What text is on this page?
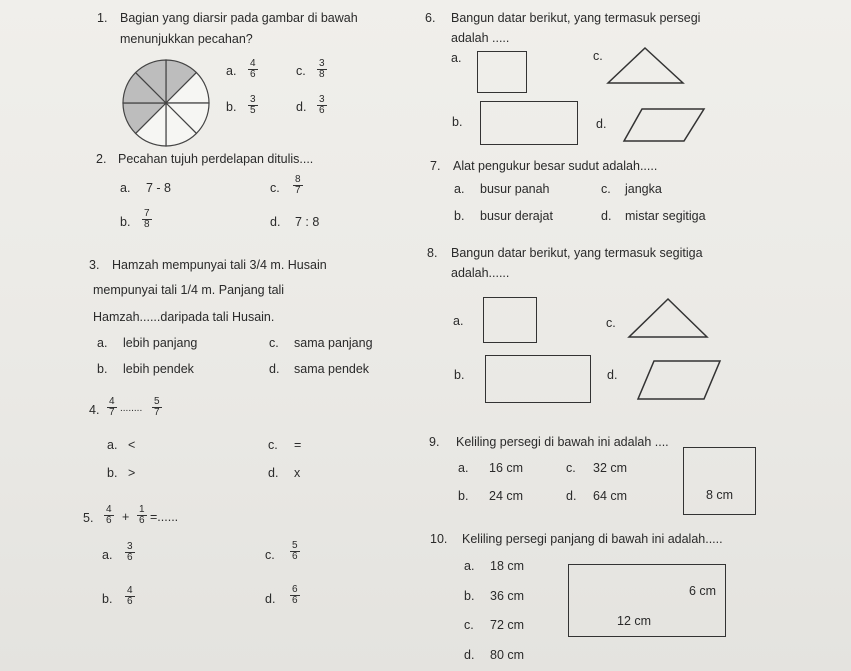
1. Bagian yang diarsir pada gambar di bawah
menunjukkan pecahan?
a. $\frac{4}{6}$
b. $\frac{3}{5}$
c. $\frac{3}{8}$
d. $\frac{3}{6}$
2. Pecahan tujuh perdelapan ditulis....
a. 7 - 8
b. $\frac{7}{8}$
c. $\frac{8}{7}$
d. 7 : 8
3. Hamzah mempunyai tali 3/4 m. Husain
mempunyai tali 1/4 m. Panjang tali
Hamzah......daripada tali Husain.
a. lebih panjang
b. lebih pendek
c. sama panjang
d. sama pendek
4. $\frac{4}{7}$ ........ $\frac{5}{7}$
a. <
b. >
c. =
d. x
5. $\frac{4}{6} + \frac{1}{6}$ =......
a. $\frac{3}{6}$
b. $\frac{4}{6}$
c. $\frac{5}{6}$
d. $\frac{6}{6}$
6. Bangun datar berikut, yang termasuk persegi
adalah .....
a.
b.
c.
d.
7. Alat pengukur besar sudut adalah.....
a. busur panah
b. busur derajat
c. jangka
d. mistar segitiga
8. Bangun datar berikut, yang termasuk segitiga
adalah......
a.
b.
c.
d.
9. Keliling persegi di bawah ini adalah ....
a. 16 cm
b. 24 cm
c. 32 cm
d. 64 cm	8 cm
10. Keliling persegi panjang di bawah ini adalah.....
a. 18 cm
b. 36 cm
c. 72 cm
d. 80 cm
6 cm
12 cm
